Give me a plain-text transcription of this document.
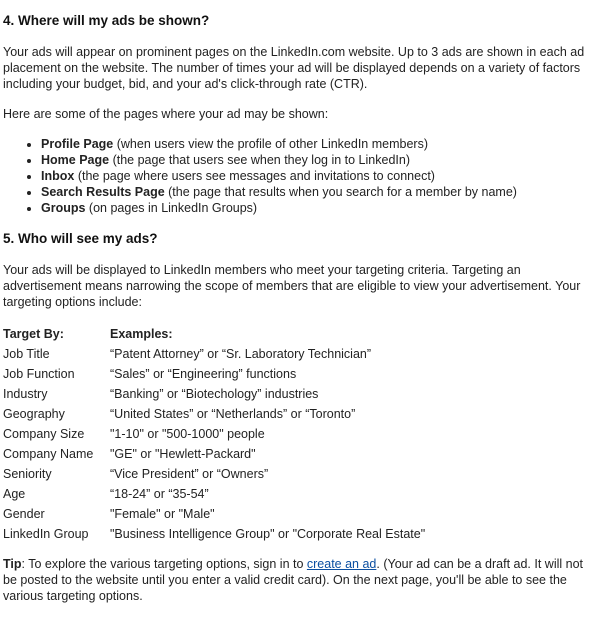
4. Where will my ads be shown?

Your ads will appear on prominent pages on the LinkedIn.com website. Up to 3 ads are shown in each ad placement on the website. The number of times your ad will be displayed depends on a variety of factors including your budget, bid, and your ad's click-through rate (CTR).

Here are some of the pages where your ad may be shown:

• Profile Page (when users view the profile of other LinkedIn members)
• Home Page (the page that users see when they log in to LinkedIn)
• Inbox (the page where users see messages and invitations to connect)
• Search Results Page (the page that results when you search for a member by name)
• Groups (on pages in LinkedIn Groups)
5. Who will see my ads?

Your ads will be displayed to LinkedIn members who meet your targeting criteria. Targeting an advertisement means narrowing the scope of members that are eligible to view your advertisement. Your targeting options include:

Target By:	Examples:
Job Title	“Patent Attorney” or “Sr. Laboratory Technician”
Job Function	“Sales” or “Engineering” functions
Industry	“Banking” or “Biotechology” industries
Geography	“United States” or “Netherlands” or “Toronto”
Company Size	"1-10" or "500-1000" people
Company Name	"GE" or "Hewlett-Packard"
Seniority	“Vice President” or “Owners”
Age	“18-24” or “35-54”
Gender	"Female" or "Male"
LinkedIn Group	"Business Intelligence Group" or "Corporate Real Estate"

Tip: To explore the various targeting options, sign in to create an ad. (Your ad can be a draft ad. It will not be posted to the website until you enter a valid credit card). On the next page, you'll be able to see the various targeting options.
